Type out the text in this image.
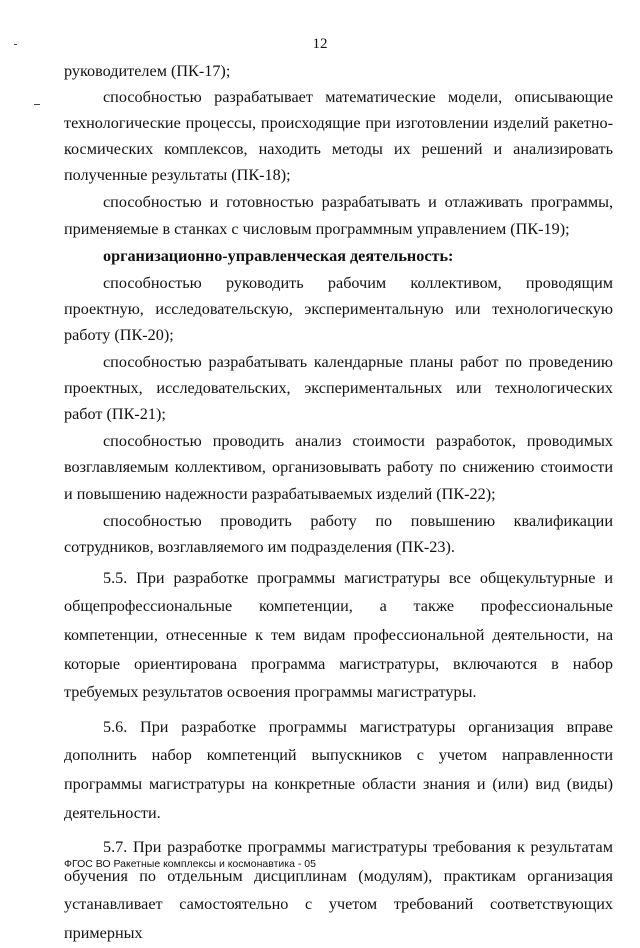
12

руководителем (ПК-17);

способностью разрабатывает математические модели, описывающие технологические процессы, происходящие при изготовлении изделий ракетно-космических комплексов, находить методы их решений и анализировать полученные результаты (ПК-18);

способностью и готовностью разрабатывать и отлаживать программы, применяемые в станках с числовым программным управлением (ПК-19);

организационно-управленческая деятельность:

способностью руководить рабочим коллективом, проводящим проектную, исследовательскую, экспериментальную или технологическую работу (ПК-20);

способностью разрабатывать календарные планы работ по проведению проектных, исследовательских, экспериментальных или технологических работ (ПК-21);

способностью проводить анализ стоимости разработок, проводимых возглавляемым коллективом, организовывать работу по снижению стоимости и повышению надежности разрабатываемых изделий (ПК-22);

способностью проводить работу по повышению квалификации сотрудников, возглавляемого им подразделения (ПК-23).

5.5. При разработке программы магистратуры все общекультурные и общепрофессиональные компетенции, а также профессиональные компетенции, отнесенные к тем видам профессиональной деятельности, на которые ориентирована программа магистратуры, включаются в набор требуемых результатов освоения программы магистратуры.

5.6. При разработке программы магистратуры организация вправе дополнить набор компетенций выпускников с учетом направленности программы магистратуры на конкретные области знания и (или) вид (виды) деятельности.

5.7. При разработке программы магистратуры требования к результатам обучения по отдельным дисциплинам (модулям), практикам организация устанавливает самостоятельно с учетом требований соответствующих примерных

ФГОС ВО Ракетные комплексы и космонавтика - 05
